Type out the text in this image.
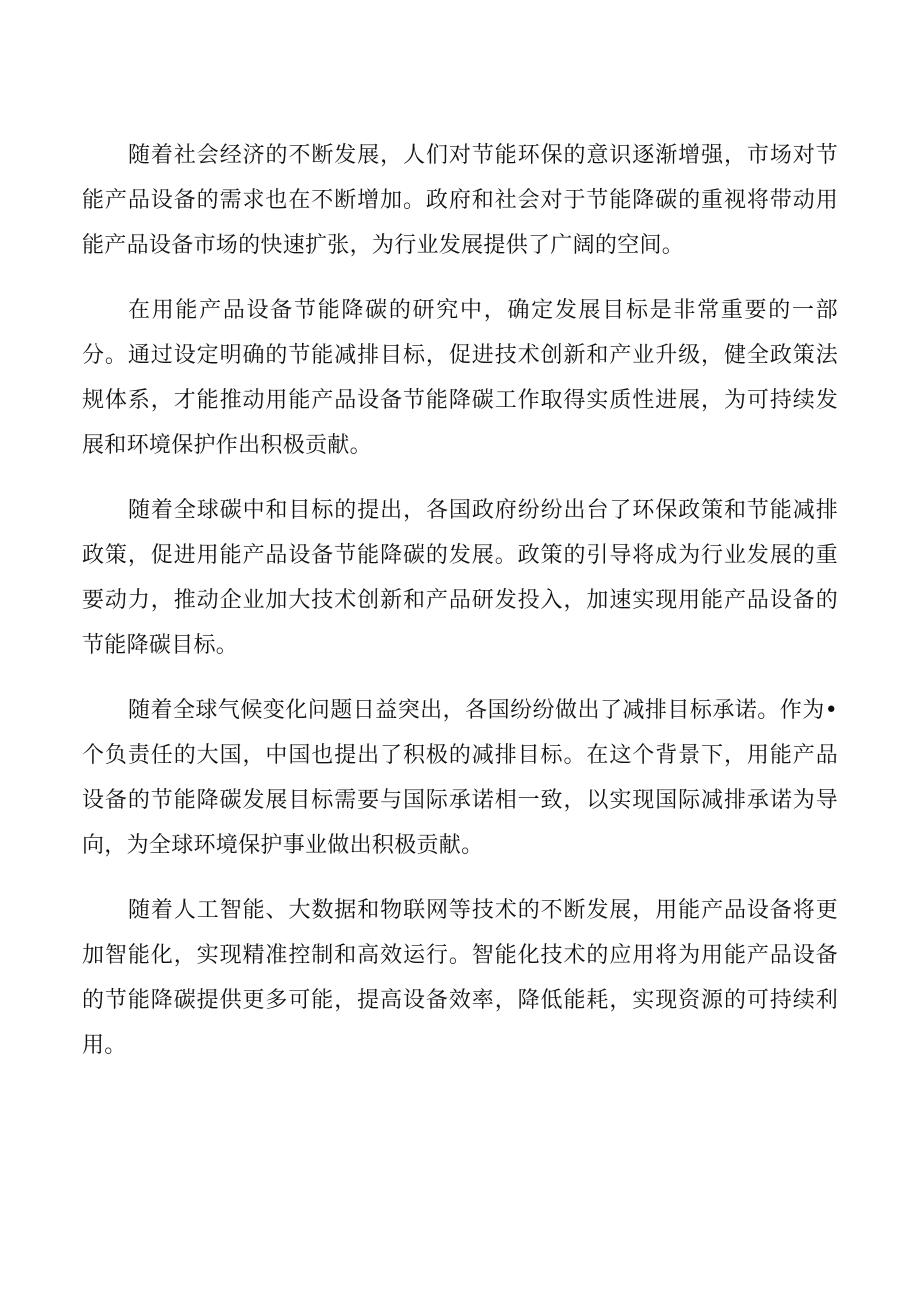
随着社会经济的不断发展，人们对节能环保的意识逐渐增强，市场对节能产品设备的需求也在不断增加。政府和社会对于节能降碳的重视将带动用能产品设备市场的快速扩张，为行业发展提供了广阔的空间。

在用能产品设备节能降碳的研究中，确定发展目标是非常重要的一部分。通过设定明确的节能减排目标，促进技术创新和产业升级，健全政策法规体系，才能推动用能产品设备节能降碳工作取得实质性进展，为可持续发展和环境保护作出积极贡献。

随着全球碳中和目标的提出，各国政府纷纷出台了环保政策和节能减排政策，促进用能产品设备节能降碳的发展。政策的引导将成为行业发展的重要动力，推动企业加大技术创新和产品研发投入，加速实现用能产品设备的节能降碳目标。

随着全球气候变化问题日益突出，各国纷纷做出了减排目标承诺。作为•个负责任的大国，中国也提出了积极的减排目标。在这个背景下，用能产品设备的节能降碳发展目标需要与国际承诺相一致，以实现国际减排承诺为导向，为全球环境保护事业做出积极贡献。

随着人工智能、大数据和物联网等技术的不断发展，用能产品设备将更加智能化，实现精准控制和高效运行。智能化技术的应用将为用能产品设备的节能降碳提供更多可能，提高设备效率，降低能耗，实现资源的可持续利用。
